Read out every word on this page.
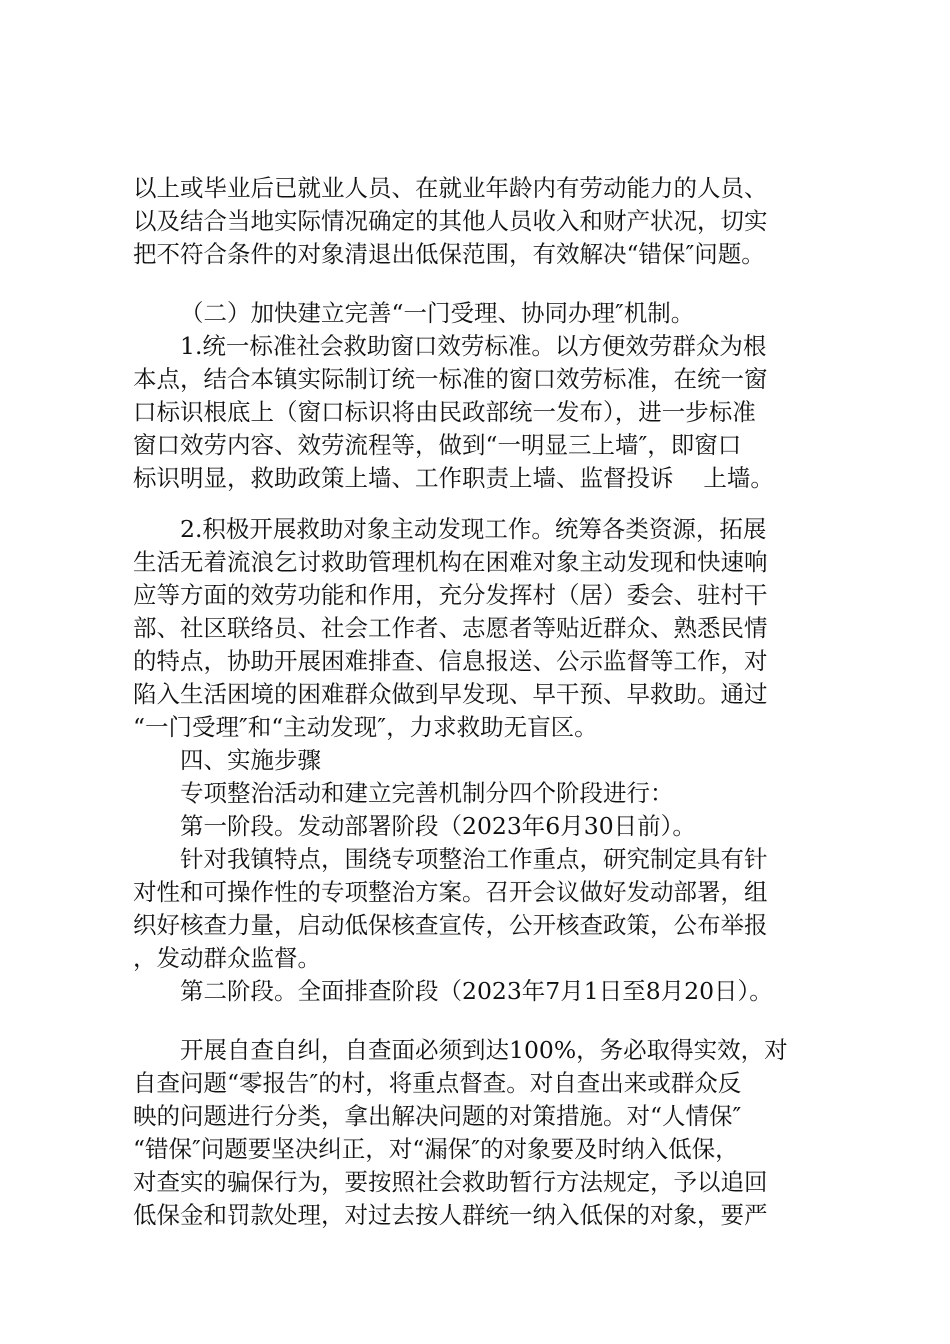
以上或毕业后已就业人员、在就业年龄内有劳动能力的人员、
以及结合当地实际情况确定的其他人员收入和财产状况，切实
把不符合条件的对象清退出低保范围，有效解决“错保″问题。
（二）加快建立完善“一门受理、协同办理″机制。
1.统一标准社会救助窗口效劳标准。以方便效劳群众为根
本点，结合本镇实际制订统一标准的窗口效劳标准，在统一窗
口标识根底上（窗口标识将由民政部统一发布），进一步标准
窗口效劳内容、效劳流程等，做到“一明显三上墙″，即窗口
标识明显，救助政策上墙、工作职责上墙、监督投诉    上墙。
2.积极开展救助对象主动发现工作。统筹各类资源，拓展
生活无着流浪乞讨救助管理机构在困难对象主动发现和快速响
应等方面的效劳功能和作用，充分发挥村（居）委会、驻村干
部、社区联络员、社会工作者、志愿者等贴近群众、熟悉民情
的特点，协助开展困难排查、信息报送、公示监督等工作，对
陷入生活困境的困难群众做到早发现、早干预、早救助。通过
“一门受理″和“主动发现″，力求救助无盲区。
四、实施步骤
专项整治活动和建立完善机制分四个阶段进行：
第一阶段。发动部署阶段（2023年6月30日前）。
针对我镇特点，围绕专项整治工作重点，研究制定具有针
对性和可操作性的专项整治方案。召开会议做好发动部署，组
织好核查力量，启动低保核查宣传，公开核查政策，公布举报
，发动群众监督。
第二阶段。全面排查阶段（2023年7月1日至8月20日）。
开展自查自纠，自查面必须到达100%，务必取得实效，对
自查问题“零报告″的村，将重点督查。对自查出来或群众反
映的问题进行分类，拿出解决问题的对策措施。对“人情保″
“错保″问题要坚决纠正，对“漏保″的对象要及时纳入低保，
对查实的骗保行为，要按照社会救助暂行方法规定，予以追回
低保金和罚款处理，对过去按人群统一纳入低保的对象，要严
